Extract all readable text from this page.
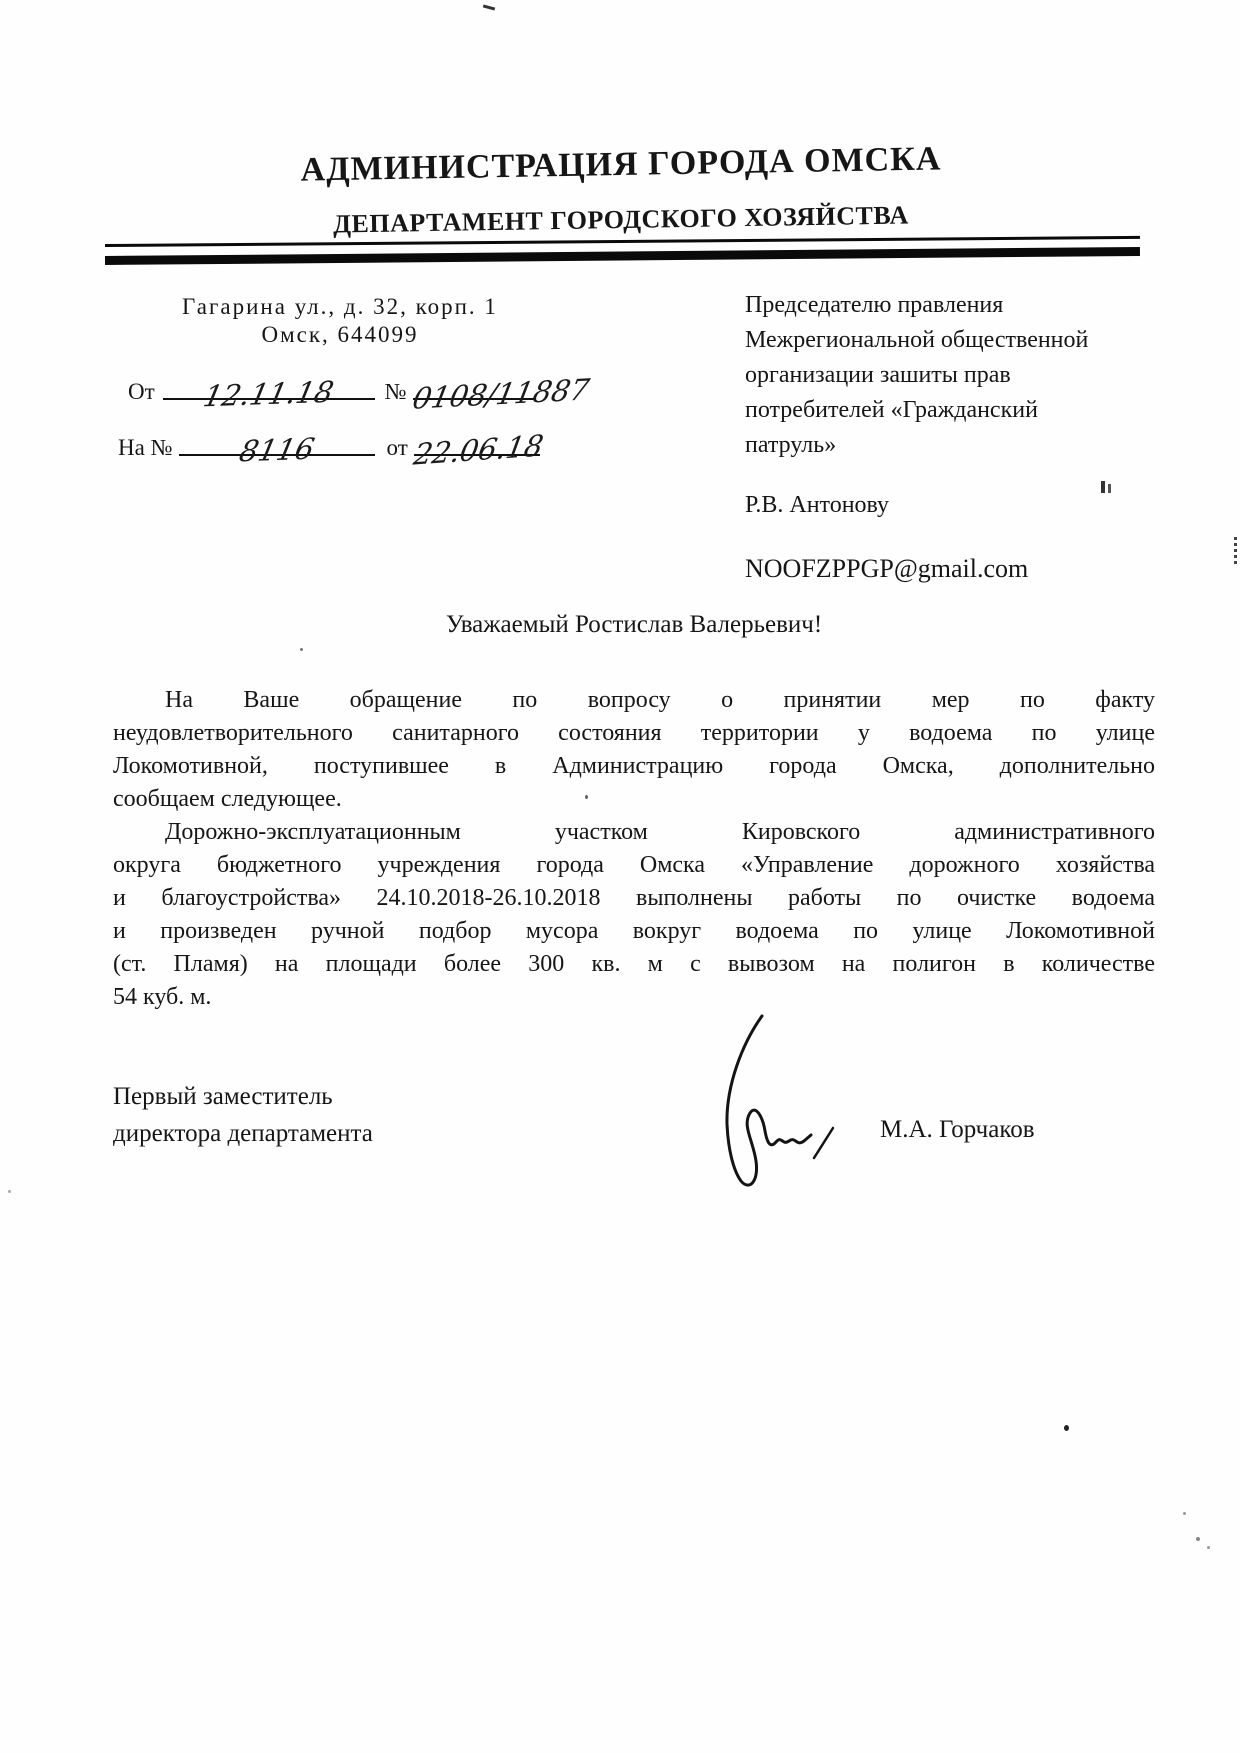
АДМИНИСТРАЦИЯ ГОРОДА ОМСКА
ДЕПАРТАМЕНТ ГОРОДСКОГО ХОЗЯЙСТВА
Гагарина ул., д. 32, корп. 1
Омск, 644099
От	12.11.18	№ 0108/11887
На №	8116	от 22.06.18
Председателю правления
Межрегиональной общественной
организации зашиты прав
потребителей «Гражданский
патруль»
Р.В. Антонову
NOOFZPPGP@gmail.com
Уважаемый Ростислав Валерьевич!
На Ваше обращение по вопросу о принятии мер по факту
неудовлетворительного санитарного состояния территории у водоема по улице
Локомотивной, поступившее в Администрацию города Омска, дополнительно
сообщаем следующее.
Дорожно-эксплуатационным участком Кировского административного
округа бюджетного учреждения города Омска «Управление дорожного хозяйства
и благоустройства» 24.10.2018-26.10.2018 выполнены работы по очистке водоема
и произведен ручной подбор мусора вокруг водоема по улице Локомотивной
(ст. Пламя) на площади более 300 кв. м с вывозом на полигон в количестве
54 куб. м.
Первый заместитель
директора департамента	М.А. Горчаков
